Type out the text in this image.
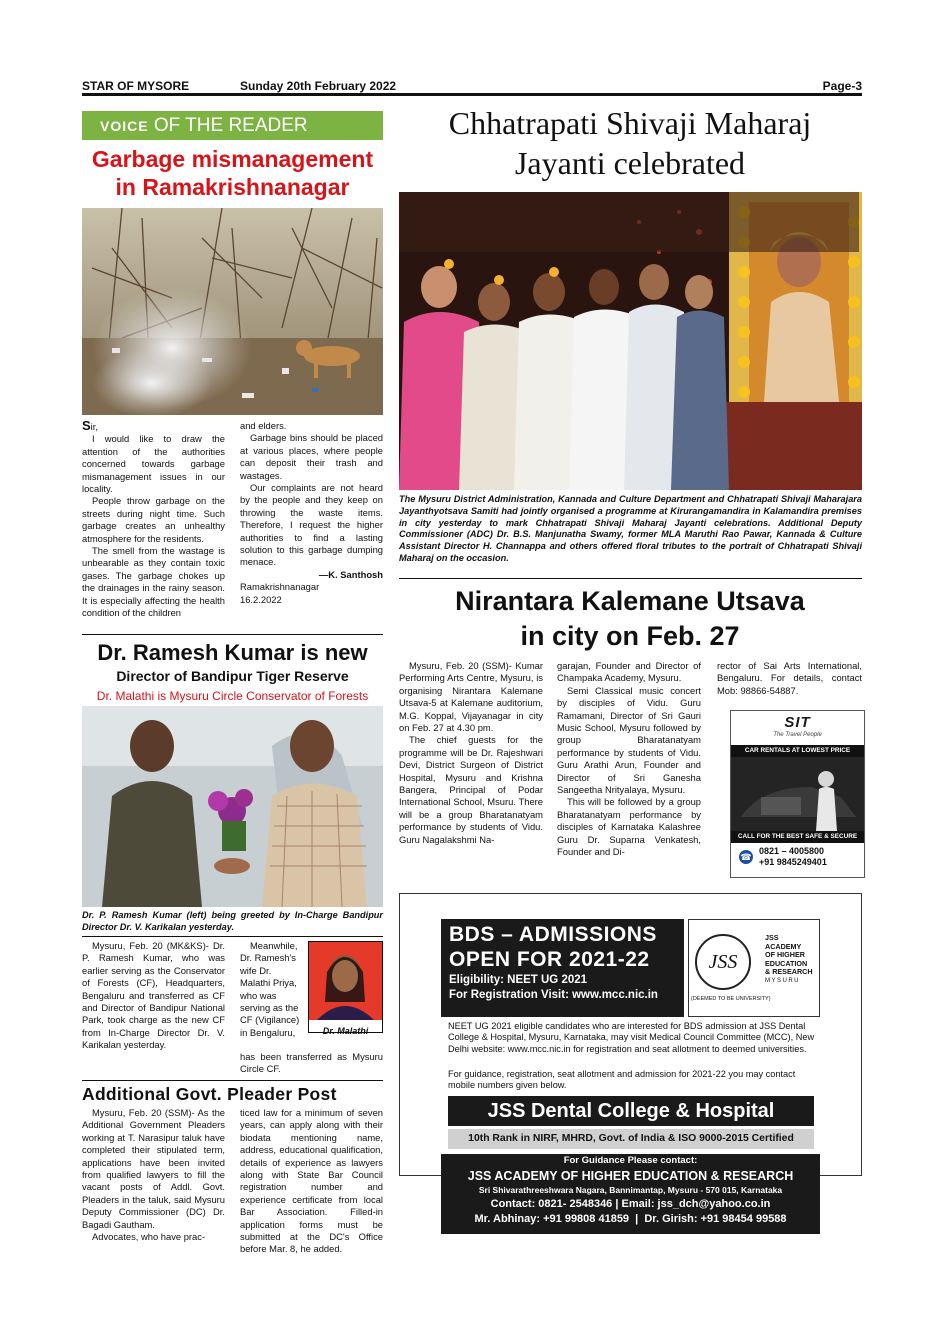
STAR OF MYSORE	Sunday 20th February 2022	Page-3
VOICE OF THE READER
Garbage mismanagement
in Ramakrishnanagar

Sir,

I would like to draw the attention of the authorities concerned towards garbage mismanagement issues in our locality.

People throw garbage on the streets during night time. Such garbage creates an unhealthy atmosphere for the residents.

The smell from the wastage is unbearable as they contain toxic gases. The garbage chokes up the drainages in the rainy season. It is especially affecting the health condition of the children

and elders.

Garbage bins should be placed at various places, where people can deposit their trash and wastages.

Our complaints are not heard by the people and they keep on throwing the waste items. Therefore, I request the higher authorities to find a lasting solution to this garbage dumping menace.

—K. Santhosh

Ramakrishnanagar

16.2.2022

Dr. Ramesh Kumar is new
Director of Bandipur Tiger Reserve
Dr. Malathi is Mysuru Circle Conservator of Forests
Dr. P. Ramesh Kumar (left) being greeted by In-Charge Bandipur Director Dr. V. Karikalan yesterday.

Mysuru, Feb. 20 (MK&KS)- Dr. P. Ramesh Kumar, who was earlier serving as the Conservator of Forests (CF), Headquarters, Bengaluru and transferred as CF and Director of Bandipur National Park, took charge as the new CF from In-Charge Director Dr. V. Karikalan yesterday.

Meanwhile, Dr. Ramesh's wife Dr. Malathi Priya, who was serving as the CF (Vigilance) in Bengaluru,	Dr. Malathi

has been transferred as Mysuru Circle CF.

Additional Govt. Pleader Post

Mysuru, Feb. 20 (SSM)- As the Additional Government Pleaders working at T. Narasipur taluk have completed their stipulated term, applications have been invited from qualified lawyers to fill the vacant posts of Addl. Govt. Pleaders in the taluk, said Mysuru Deputy Commissioner (DC) Dr. Bagadi Gautham.

Advocates, who have prac-

ticed law for a minimum of seven years, can apply along with their biodata mentioning name, address, educational qualification, details of experience as lawyers along with State Bar Council registration number and experience certificate from local Bar Association. Filled-in application forms must be submitted at the DC's Office before Mar. 8, he added.

Chhatrapati Shivaji Maharaj
Jayanti celebrated
The Mysuru District Administration, Kannada and Culture Department and Chhatrapati Shivaji Maharajara Jayanthyotsava Samiti had jointly organised a programme at Kirurangamandira in Kalamandira premises in city yesterday to mark Chhatrapati Shivaji Maharaj Jayanti celebrations. Additional Deputy Commissioner (ADC) Dr. B.S. Manjunatha Swamy, former MLA Maruthi Rao Pawar, Kannada & Culture Assistant Director H. Channappa and others offered floral tributes to the portrait of Chhatrapati Shivaji Maharaj on the occasion.
Nirantara Kalemane Utsava
in city on Feb. 27

Mysuru, Feb. 20 (SSM)- Kumar Performing Arts Centre, Mysuru, is organising Nirantara Kalemane Utsava-5 at Kalemane auditorium, M.G. Koppal, Vijayanagar in city on Feb. 27 at 4.30 pm.

The chief guests for the programme will be Dr. Rajeshwari Devi, District Surgeon of District Hospital, Mysuru and Krishna Bangera, Principal of Podar International School, Msuru. There will be a group Bharatanatyam performance by students of Vidu. Guru Nagalakshmi Na-

garajan, Founder and Director of Champaka Academy, Mysuru.

Semi Classical music concert by disciples of Vidu. Guru Ramamani, Director of Sri Gauri Music School, Mysuru followed by group Bharatanatyam performance by students of Vidu. Guru Arathi Arun, Founder and Director of Sri Ganesha Sangeetha Nrityalaya, Mysuru.

This will be followed by a group Bharatanatyam performance by disciples of Karnataka Kalashree Guru Dr. Suparna Venkatesh, Founder and Di-

rector of Sai Arts International, Bengaluru. For details, contact Mob: 98866-54887.

SIT
The Travel People
CAR RENTALS AT LOWEST PRICE
CALL FOR THE BEST SAFE & SECURE
☎
0821 – 4005800
+91 9845249401
BDS – ADMISSIONS
OPEN FOR 2021-22
Eligibility: NEET UG 2021
For Registration Visit: www.mcc.nic.in
JSS
(DEEMED TO BE UNIVERSITY)
JSS
ACADEMY
OF HIGHER
EDUCATION
& RESEARCH
MYSURU
NEET UG 2021 eligible candidates who are interested for BDS admission at JSS Dental College & Hospital, Mysuru, Karnataka, may visit Medical Council Committee (MCC), New Delhi website: www.mcc.nic.in for registration and seat allotment to deemed universities.
For guidance, registration, seat allotment and admission for 2021-22 you may contact mobile numbers given below.
JSS Dental College & Hospital
10th Rank in NIRF, MHRD, Govt. of India & ISO 9000-2015 Certified
For Guidance Please contact:
JSS ACADEMY OF HIGHER EDUCATION & RESEARCH
Sri Shivarathreeshwara Nagara, Bannimantap, Mysuru - 570 015, Karnataka
Contact: 0821- 2548346 | Email: jss_dch@yahoo.co.in
Mr. Abhinay: +91 99808 41859  |  Dr. Girish: +91 98454 99588
